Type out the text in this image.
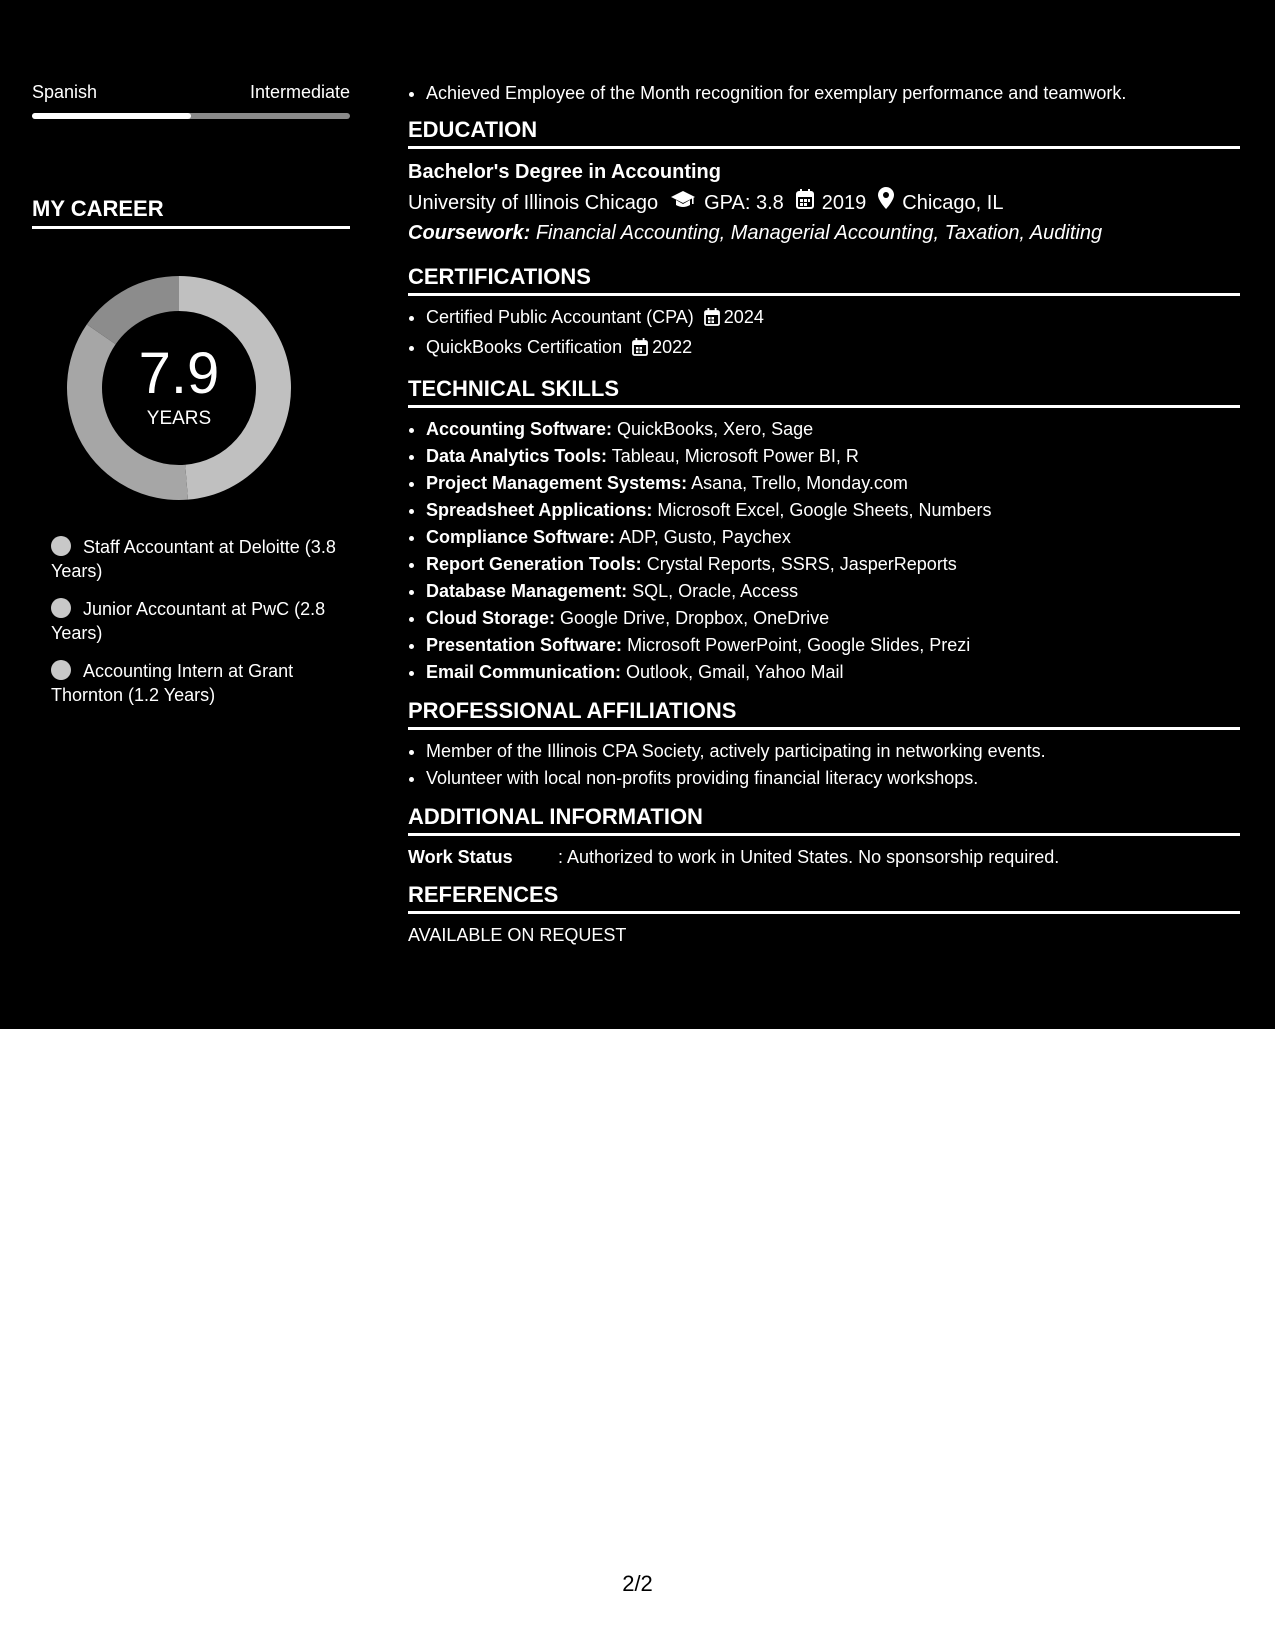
Spanish	Intermediate
MY CAREER
7.9
YEARS
Staff Accountant at Deloitte (3.8 Years)
Junior Accountant at PwC (2.8 Years)
Accounting Intern at Grant Thornton (1.2 Years)
• Achieved Employee of the Month recognition for exemplary performance and teamwork.
EDUCATION
Bachelor's Degree in Accounting
University of Illinois Chicago GPA: 3.8 2019 Chicago, IL
Coursework: Financial Accounting, Managerial Accounting, Taxation, Auditing
CERTIFICATIONS
• Certified Public Accountant (CPA) 2024
• QuickBooks Certification 2022
TECHNICAL SKILLS
• Accounting Software: QuickBooks, Xero, Sage
• Data Analytics Tools: Tableau, Microsoft Power BI, R
• Project Management Systems: Asana, Trello, Monday.com
• Spreadsheet Applications: Microsoft Excel, Google Sheets, Numbers
• Compliance Software: ADP, Gusto, Paychex
• Report Generation Tools: Crystal Reports, SSRS, JasperReports
• Database Management: SQL, Oracle, Access
• Cloud Storage: Google Drive, Dropbox, OneDrive
• Presentation Software: Microsoft PowerPoint, Google Slides, Prezi
• Email Communication: Outlook, Gmail, Yahoo Mail
PROFESSIONAL AFFILIATIONS
• Member of the Illinois CPA Society, actively participating in networking events.
• Volunteer with local non-profits providing financial literacy workshops.
ADDITIONAL INFORMATION
Work Status	: Authorized to work in United States. No sponsorship required.
REFERENCES
AVAILABLE ON REQUEST
2/2
